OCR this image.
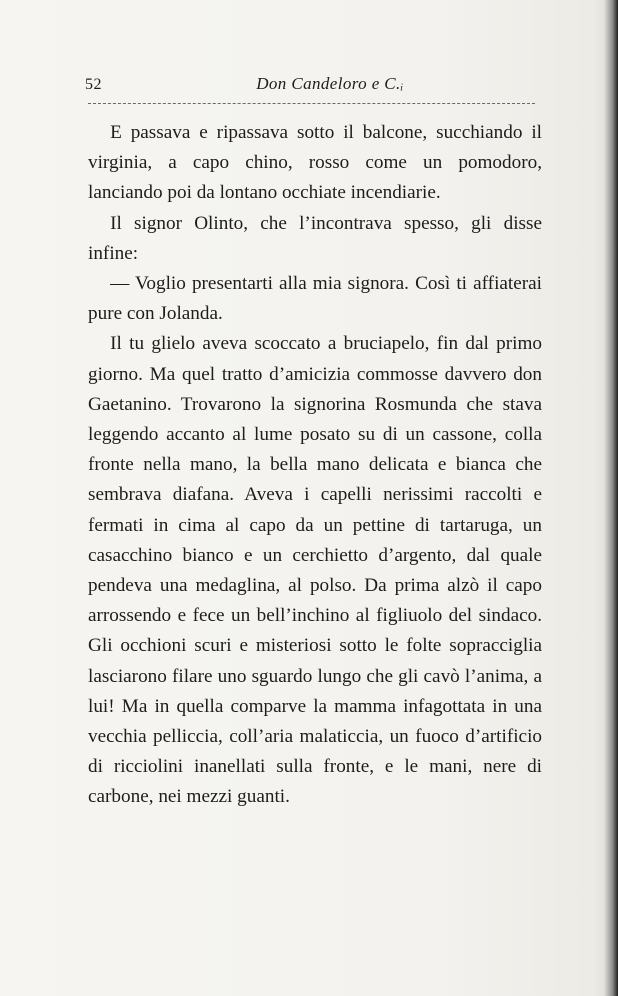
52	Don Candeloro e C.ᵢ

E passava e ripassava sotto il balcone, succhiando il virginia, a capo chino, rosso come un pomodoro, lanciando poi da lontano occhiate incendiarie.

Il signor Olinto, che l’incontrava spesso, gli disse infine:

— Voglio presentarti alla mia signora. Così ti affiaterai pure con Jolanda.

Il tu glielo aveva scoccato a bruciapelo, fin dal primo giorno. Ma quel tratto d’amicizia commosse davvero don Gaetanino. Trovarono la signorina Rosmunda che stava leggendo accanto al lume posato su di un cassone, colla fronte nella mano, la bella mano delicata e bianca che sembrava diafana. Aveva i capelli nerissimi raccolti e fermati in cima al capo da un pettine di tartaruga, un casacchino bianco e un cerchietto d’argento, dal quale pendeva una medaglina, al polso. Da prima alzò il capo arrossendo e fece un bell’inchino al figliuolo del sindaco. Gli occhioni scuri e misteriosi sotto le folte sopracciglia lasciarono filare uno sguardo lungo che gli cavò l’anima, a lui! Ma in quella comparve la mamma infagottata in una vecchia pelliccia, coll’aria malaticcia, un fuoco d’artificio di ricciolini inanellati sulla fronte, e le mani, nere di carbone, nei mezzi guanti.
